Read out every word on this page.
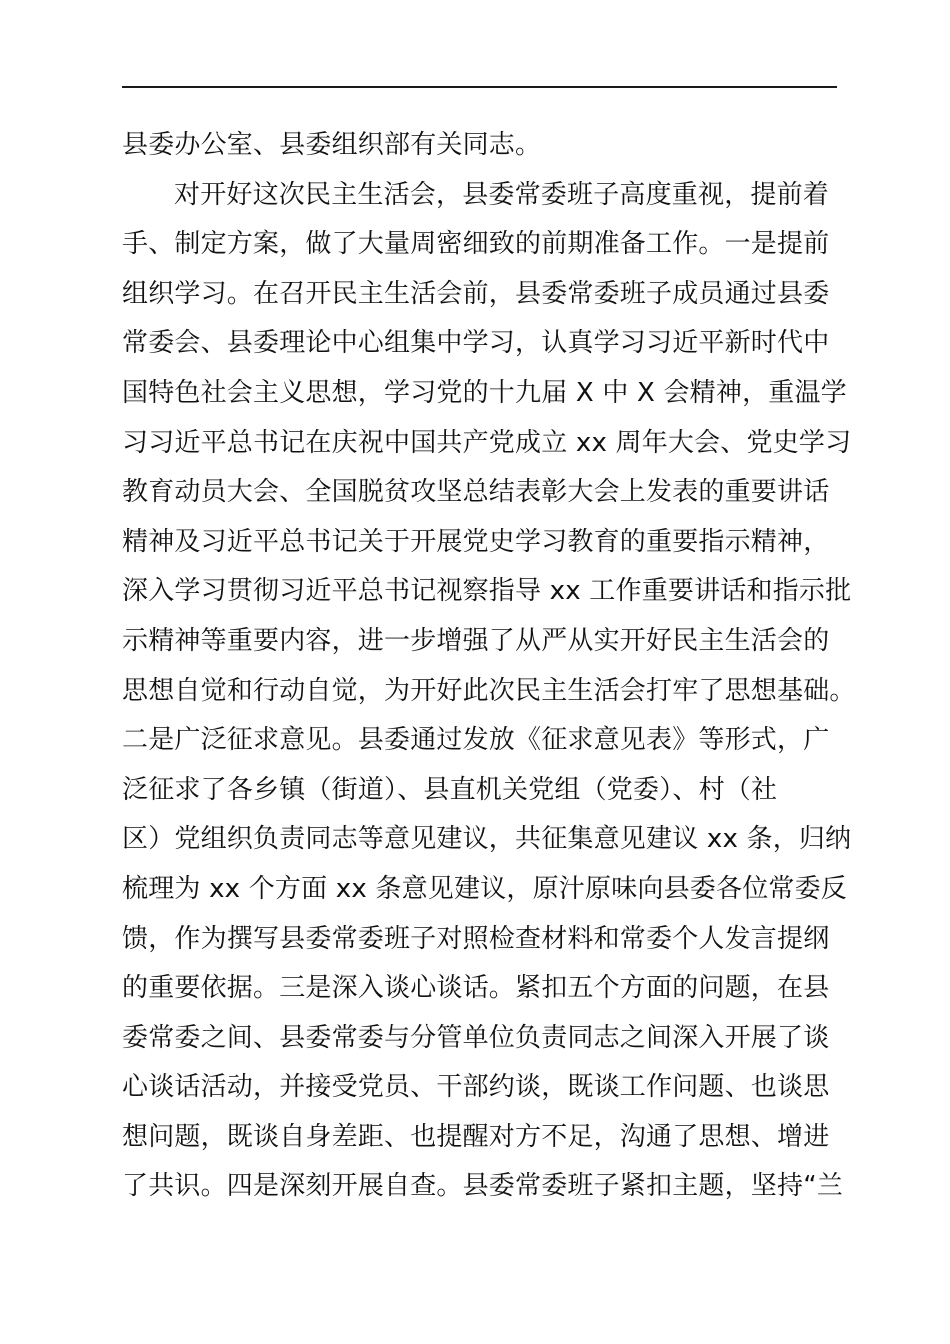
县委办公室、县委组织部有关同志。
对开好这次民主生活会，县委常委班子高度重视，提前着
手、制定方案，做了大量周密细致的前期准备工作。一是提前
组织学习。在召开民主生活会前，县委常委班子成员通过县委
常委会、县委理论中心组集中学习，认真学习习近平新时代中
国特色社会主义思想，学习党的十九届 X 中 X 会精神，重温学
习习近平总书记在庆祝中国共产党成立 xx 周年大会、党史学习
教育动员大会、全国脱贫攻坚总结表彰大会上发表的重要讲话
精神及习近平总书记关于开展党史学习教育的重要指示精神，
深入学习贯彻习近平总书记视察指导 xx 工作重要讲话和指示批
示精神等重要内容，进一步增强了从严从实开好民主生活会的
思想自觉和行动自觉，为开好此次民主生活会打牢了思想基础。
二是广泛征求意见。县委通过发放《征求意见表》等形式，广
泛征求了各乡镇（街道）、县直机关党组（党委）、村（社
区）党组织负责同志等意见建议，共征集意见建议 xx 条，归纳
梳理为 xx 个方面 xx 条意见建议，原汁原味向县委各位常委反
馈，作为撰写县委常委班子对照检查材料和常委个人发言提纲
的重要依据。三是深入谈心谈话。紧扣五个方面的问题，在县
委常委之间、县委常委与分管单位负责同志之间深入开展了谈
心谈话活动，并接受党员、干部约谈，既谈工作问题、也谈思
想问题，既谈自身差距、也提醒对方不足，沟通了思想、增进
了共识。四是深刻开展自查。县委常委班子紧扣主题，坚持“兰
